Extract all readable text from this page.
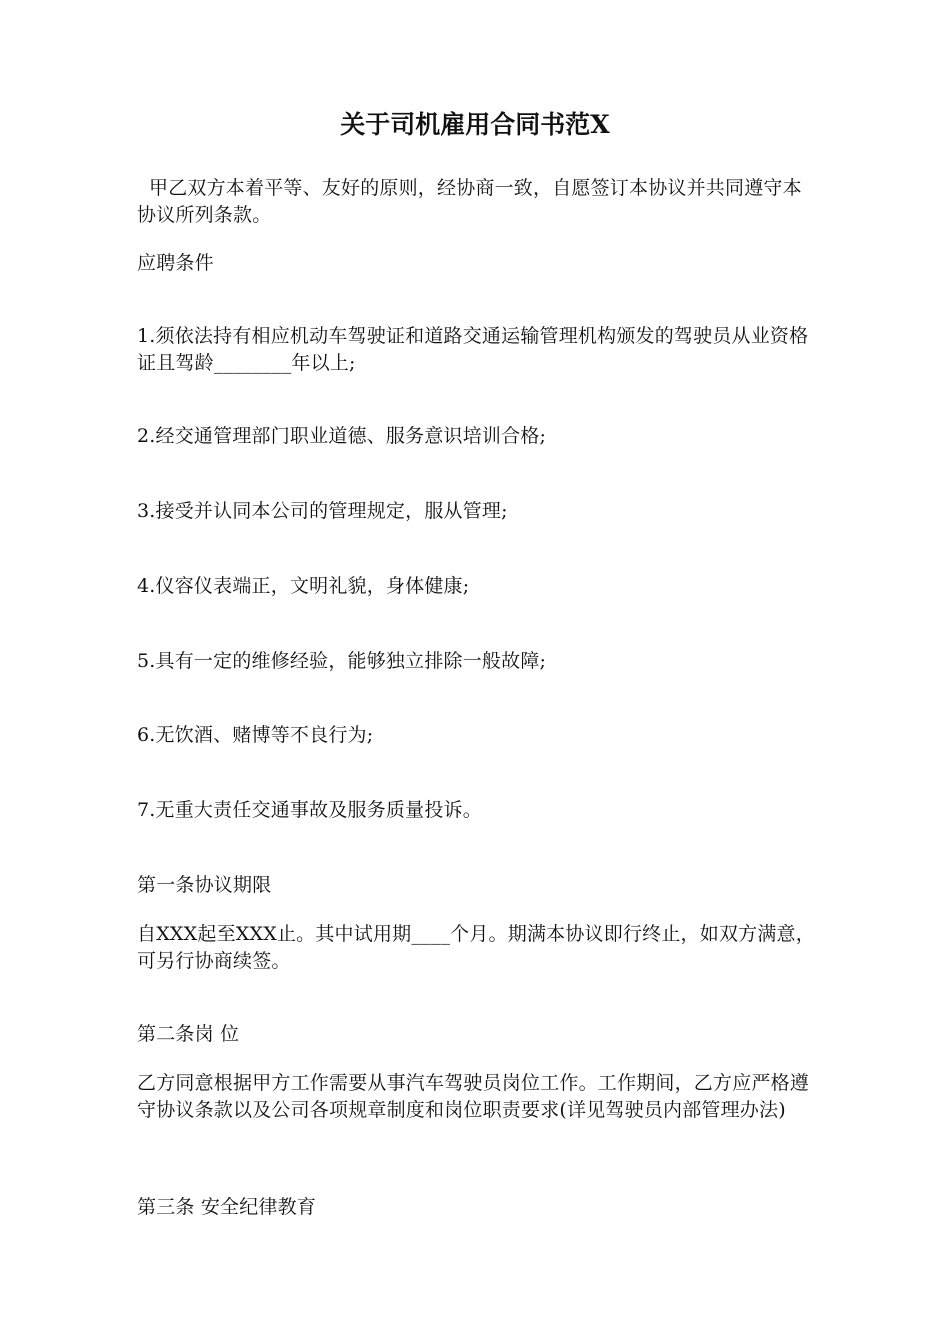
关于司机雇用合同书范X

甲乙双方本着平等、友好的原则，经协商一致，自愿签订本协议并共同遵守本协议所列条款。

应聘条件

1.须依法持有相应机动车驾驶证和道路交通运输管理机构颁发的驾驶员从业资格证且驾龄________年以上;

2.经交通管理部门职业道德、服务意识培训合格;

3.接受并认同本公司的管理规定，服从管理;

4.仪容仪表端正，文明礼貌，身体健康;

5.具有一定的维修经验，能够独立排除一般故障;

6.无饮酒、赌博等不良行为;

7.无重大责任交通事故及服务质量投诉。

第一条协议期限

自XXX起至XXX止。其中试用期____个月。期满本协议即行终止，如双方满意，可另行协商续签。

第二条岗 位

乙方同意根据甲方工作需要从事汽车驾驶员岗位工作。工作期间，乙方应严格遵守协议条款以及公司各项规章制度和岗位职责要求(详见驾驶员内部管理办法)

第三条 安全纪律教育
